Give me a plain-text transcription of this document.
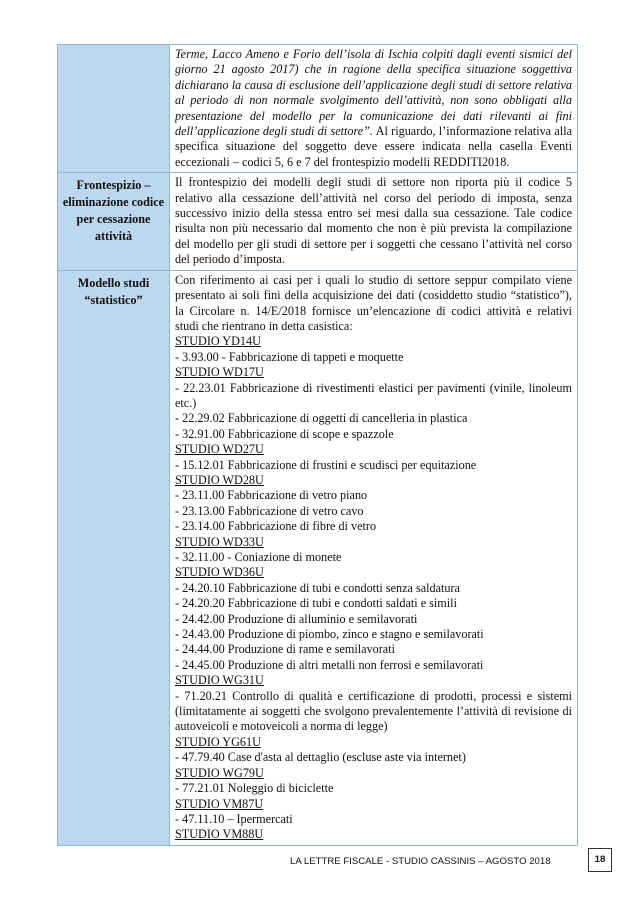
Terme, Lacco Ameno e Forio dell’isola di Ischia colpiti dagli eventi sismici del giorno 21 agosto 2017) che in ragione della specifica situazione soggettiva dichiarano la causa di esclusione dell’applicazione degli studi di settore relativa al periodo di non normale svolgimento dell’attività, non sono obbligati alla presentazione del modello per la comunicazione dei dati rilevanti ai fini dell’applicazione degli studi di settore”. Al riguardo, l’informazione relativa alla specifica situazione del soggetto deve essere indicata nella casella Eventi eccezionali – codici 5, 6 e 7 del frontespizio modelli REDDITI2018.
Frontespizio – eliminazione codice per cessazione attività
Il frontespizio dei modelli degli studi di settore non riporta più il codice 5 relativo alla cessazione dell’attività nel corso del periodo di imposta, senza successivo inizio della stessa entro sei mesi dalla sua cessazione. Tale codice risulta non più necessario dal momento che non è più prevista la compilazione del modello per gli studi di settore per i soggetti che cessano l’attività nel corso del periodo d’imposta.
Modello studi “statistico”
Con riferimento ai casi per i quali lo studio di settore seppur compilato viene presentato ai soli fini della acquisizione dei dati (cosiddetto studio “statistico”), la Circolare n. 14/E/2018 fornisce un’elencazione di codici attività e relativi studi che rientrano in detta casistica:
STUDIO YD14U
- 3.93.00 - Fabbricazione di tappeti e moquette
STUDIO WD17U
- 22.23.01 Fabbricazione di rivestimenti elastici per pavimenti (vinile, linoleum etc.)
- 22.29.02 Fabbricazione di oggetti di cancelleria in plastica
- 32.91.00 Fabbricazione di scope e spazzole
STUDIO WD27U
- 15.12.01 Fabbricazione di frustini e scudisci per equitazione
STUDIO WD28U
- 23.11.00 Fabbricazione di vetro piano
- 23.13.00 Fabbricazione di vetro cavo
- 23.14.00 Fabbricazione di fibre di vetro
STUDIO WD33U
- 32.11.00 - Coniazione di monete
STUDIO WD36U
- 24.20.10 Fabbricazione di tubi e condotti senza saldatura
- 24.20.20 Fabbricazione di tubi e condotti saldati e simili
- 24.42.00 Produzione di alluminio e semilavorati
- 24.43.00 Produzione di piombo, zinco e stagno e semilavorati
- 24.44.00 Produzione di rame e semilavorati
- 24.45.00 Produzione di altri metalli non ferrosi e semilavorati
STUDIO WG31U
- 71.20.21 Controllo di qualità e certificazione di prodotti, processi e sistemi (limitatamente ai soggetti che svolgono prevalentemente l’attività di revisione di autoveicoli e motoveicoli a norma di legge)
STUDIO YG61U
- 47.79.40 Case d'asta al dettaglio (escluse aste via internet)
STUDIO WG79U
- 77.21.01 Noleggio di biciclette
STUDIO VM87U
- 47.11.10 – Ipermercati
STUDIO VM88U
LA LETTRE FISCALE - STUDIO CASSINIS – AGOSTO 2018	18
